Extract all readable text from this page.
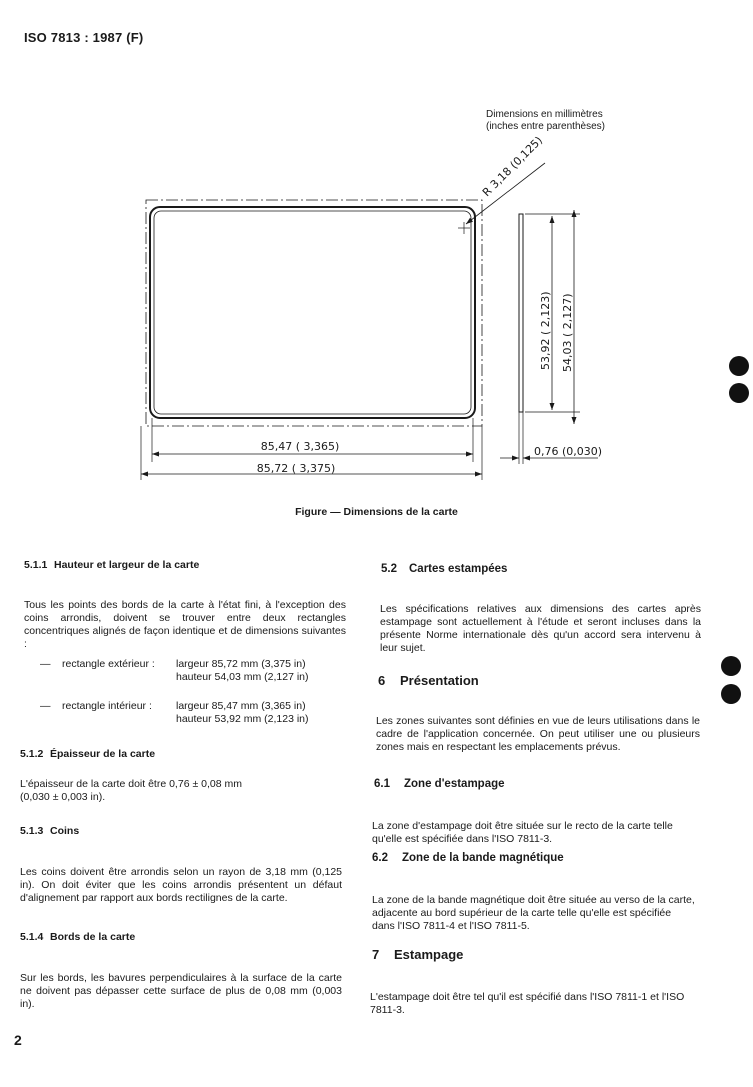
ISO 7813 : 1987 (F)
Dimensions en millimètres
(inches entre parenthèses)
R 3,18 (0,125)
85,47 ( 3,365)
85,72 ( 3,375)
53,92 ( 2,123) 54,03 ( 2,127)
0,76 (0,030)
Figure — Dimensions de la carte
5.1.1 Hauteur et largeur de la carte

Tous les points des bords de la carte à l'état fini, à l'exception des coins arrondis, doivent se trouver entre deux rectangles concentriques alignés de façon identique et de dimensions suivantes :

— rectangle extérieur : largeur 85,72 mm (3,375 in)
hauteur 54,03 mm (2,127 in)
— rectangle intérieur : largeur 85,47 mm (3,365 in)
hauteur 53,92 mm (2,123 in)
5.1.2 Épaisseur de la carte
L'épaisseur de la carte doit être 0,76 ± 0,08 mm
(0,030 ± 0,003 in).
5.1.3 Coins

Les coins doivent être arrondis selon un rayon de 3,18 mm (0,125 in). On doit éviter que les coins arrondis présentent un défaut d'alignement par rapport aux bords rectilignes de la carte.

5.1.4 Bords de la carte

Sur les bords, les bavures perpendiculaires à la surface de la carte ne doivent pas dépasser cette surface de plus de 0,08 mm (0,003 in).

5.2 Cartes estampées

Les spécifications relatives aux dimensions des cartes après estampage sont actuellement à l'étude et seront incluses dans la présente Norme internationale dès qu'un accord sera intervenu à leur sujet.

6 Présentation

Les zones suivantes sont définies en vue de leurs utilisations dans le cadre de l'application concernée. On peut utiliser une ou plusieurs zones mais en respectant les emplacements prévus.

6.1 Zone d'estampage

La zone d'estampage doit être située sur le recto de la carte telle qu'elle est spécifiée dans l'ISO 7811-3.

6.2 Zone de la bande magnétique

La zone de la bande magnétique doit être située au verso de la carte, adjacente au bord supérieur de la carte telle qu'elle est spécifiée dans l'ISO 7811-4 et l'ISO 7811-5.

7 Estampage

L'estampage doit être tel qu'il est spécifié dans l'ISO 7811-1 et l'ISO 7811-3.

2
